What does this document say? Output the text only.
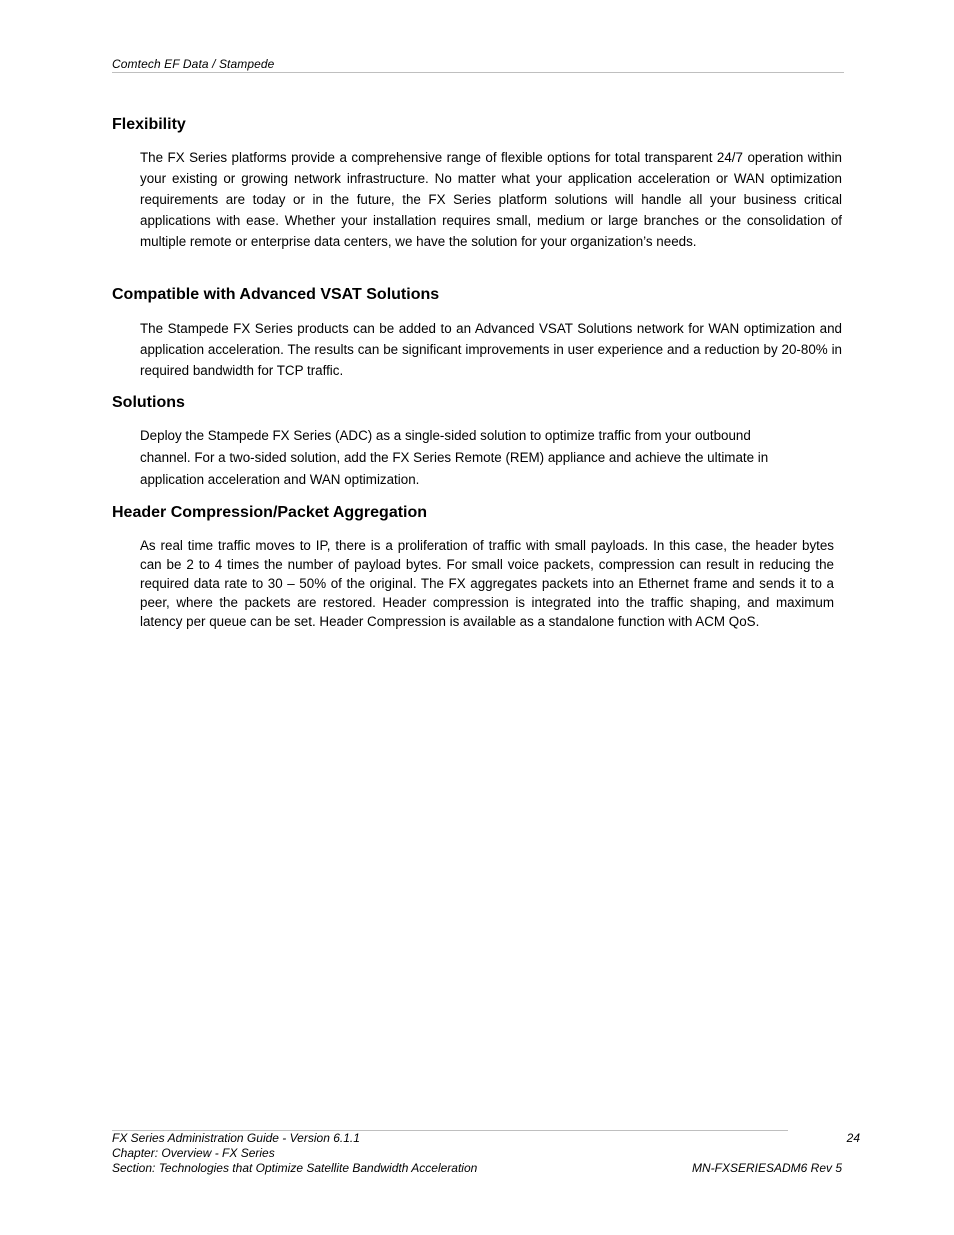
Comtech EF Data / Stampede
Flexibility

The FX Series platforms provide a comprehensive range of flexible options for total transparent 24/7 operation within your existing or growing network infrastructure. No matter what your application acceleration or WAN optimization requirements are today or in the future, the FX Series platform solutions will handle all your business critical applications with ease. Whether your installation requires small, medium or large branches or the consolidation of multiple remote or enterprise data centers, we have the solution for your organization’s needs.

Compatible with Advanced VSAT Solutions

The Stampede FX Series products can be added to an Advanced VSAT Solutions network for WAN optimization and application acceleration. The results can be significant improvements in user experience and a reduction by 20-80% in required bandwidth for TCP traffic.

Solutions

Deploy the Stampede FX Series (ADC) as a single-sided solution to optimize traffic from your outbound channel. For a two-sided solution, add the FX Series Remote (REM) appliance and achieve the ultimate in application acceleration and WAN optimization.

Header Compression/Packet Aggregation

As real time traffic moves to IP, there is a proliferation of traffic with small payloads. In this case, the header bytes can be 2 to 4 times the number of payload bytes. For small voice packets, compression can result in reducing the required data rate to 30 – 50% of the original. The FX aggregates packets into an Ethernet frame and sends it to a peer, where the packets are restored. Header compression is integrated into the traffic shaping, and maximum latency per queue can be set. Header Compression is available as a standalone function with ACM QoS.

FX Series Administration Guide - Version 6.1.1	24
Chapter: Overview - FX Series
Section: Technologies that Optimize Satellite Bandwidth Acceleration	MN-FXSERIESADM6 Rev 5
